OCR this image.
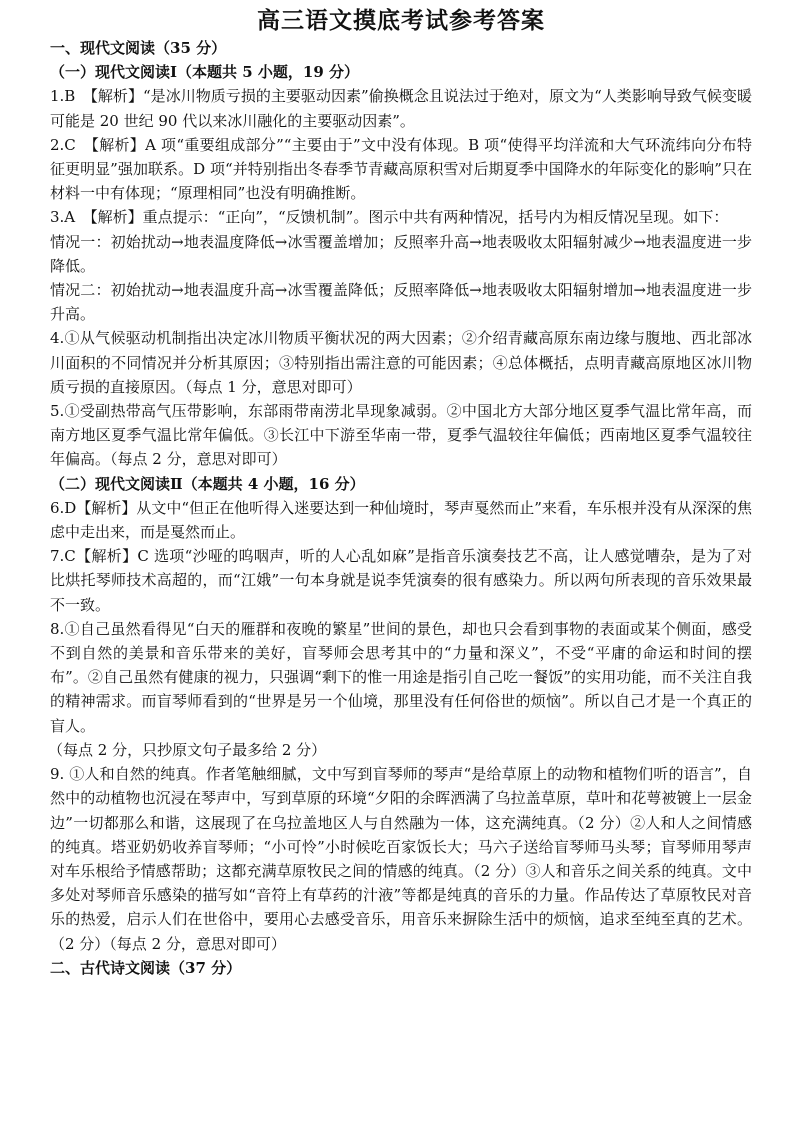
高三语文摸底考试参考答案

一、现代文阅读（35 分）

（一）现代文阅读Ⅰ（本题共 5 小题，19 分）

1.B　【解析】“是冰川物质亏损的主要驱动因素”偷换概念且说法过于绝对，原文为“人类影响导致气候变暖可能是 20 世纪 90 代以来冰川融化的主要驱动因素”。

2.C　【解析】A 项“重要组成部分”“主要由于”文中没有体现。B 项“使得平均洋流和大气环流纬向分布特征更明显”强加联系。D 项“并特别指出冬春季节青藏高原积雪对后期夏季中国降水的年际变化的影响”只在材料一中有体现；“原理相同”也没有明确推断。

3.A　【解析】重点提示：“正向”，“反馈机制”。图示中共有两种情况，括号内为相反情况呈现。如下：

情况一：初始扰动→地表温度降低→冰雪覆盖增加；反照率升高→地表吸收太阳辐射减少→地表温度进一步降低。

情况二：初始扰动→地表温度升高→冰雪覆盖降低；反照率降低→地表吸收太阳辐射增加→地表温度进一步升高。

4.①从气候驱动机制指出决定冰川物质平衡状况的两大因素；②介绍青藏高原东南边缘与腹地、西北部冰川面积的不同情况并分析其原因；③特别指出需注意的可能因素；④总体概括，点明青藏高原地区冰川物质亏损的直接原因。（每点 1 分，意思对即可）

5.①受副热带高气压带影响，东部雨带南涝北旱现象减弱。②中国北方大部分地区夏季气温比常年高，而南方地区夏季气温比常年偏低。③长江中下游至华南一带，夏季气温较往年偏低；西南地区夏季气温较往年偏高。（每点 2 分，意思对即可）

（二）现代文阅读Ⅱ（本题共 4 小题，16 分）

6.D【解析】从文中“但正在他听得入迷要达到一种仙境时，琴声戛然而止”来看，车乐根并没有从深深的焦虑中走出来，而是戛然而止。

7.C【解析】C 选项“沙哑的呜咽声，听的人心乱如麻”是指音乐演奏技艺不高，让人感觉嘈杂，是为了对比烘托琴师技术高超的，而“江娥”一句本身就是说李凭演奏的很有感染力。所以两句所表现的音乐效果最不一致。

8.①自己虽然看得见“白天的雁群和夜晚的繁星”世间的景色，却也只会看到事物的表面或某个侧面，感受不到自然的美景和音乐带来的美好，盲琴师会思考其中的“力量和深义”，不受“平庸的命运和时间的摆布”。②自己虽然有健康的视力，只强调“剩下的惟一用途是指引自己吃一餐饭”的实用功能，而不关注自我的精神需求。而盲琴师看到的“世界是另一个仙境，那里没有任何俗世的烦恼”。所以自己才是一个真正的盲人。

（每点 2 分，只抄原文句子最多给 2 分）

9. ①人和自然的纯真。作者笔触细腻，文中写到盲琴师的琴声“是给草原上的动物和植物们听的语言”，自然中的动植物也沉浸在琴声中，写到草原的环境“夕阳的余晖洒满了乌拉盖草原，草叶和花萼被镀上一层金边”一切都那么和谐，这展现了在乌拉盖地区人与自然融为一体，这充满纯真。（2 分）②人和人之间情感的纯真。塔亚奶奶收养盲琴师；“小可怜”小时候吃百家饭长大；马六子送给盲琴师马头琴；盲琴师用琴声对车乐根给予情感帮助；这都充满草原牧民之间的情感的纯真。（2 分）③人和音乐之间关系的纯真。文中多处对琴师音乐感染的描写如“音符上有草药的汁液”等都是纯真的音乐的力量。作品传达了草原牧民对音乐的热爱，启示人们在世俗中，要用心去感受音乐，用音乐来摒除生活中的烦恼，追求至纯至真的艺术。（2 分）（每点 2 分，意思对即可）

二、古代诗文阅读（37 分）
